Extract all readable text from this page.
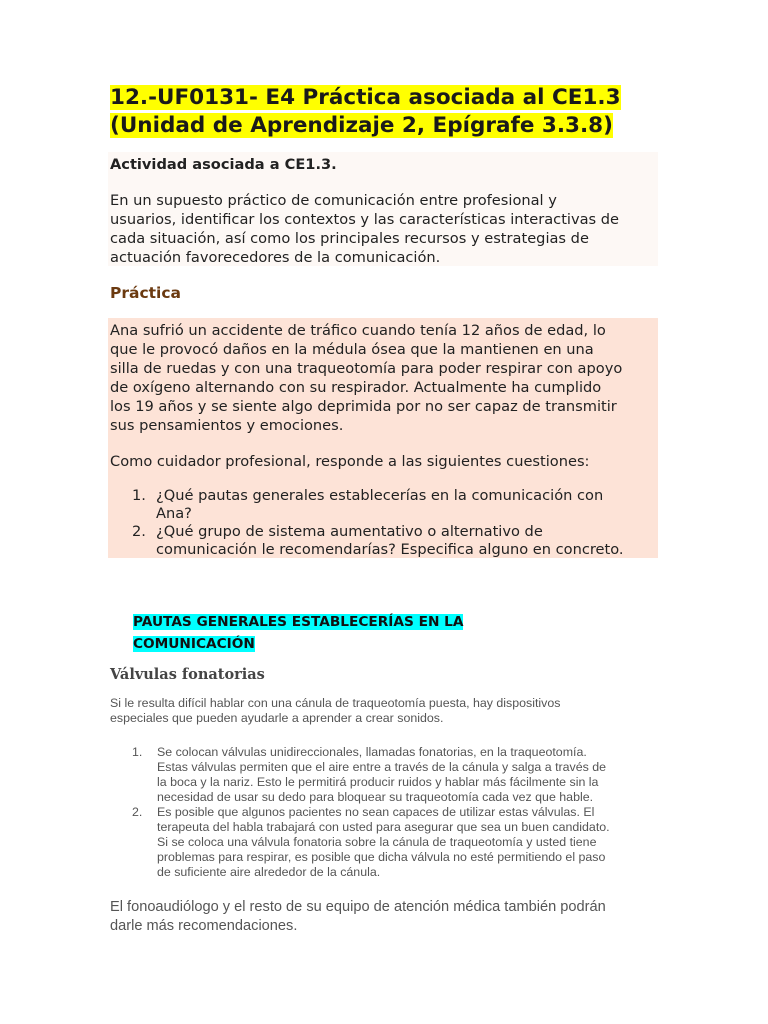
12.-UF0131- E4 Práctica asociada al CE1.3
(Unidad de Aprendizaje 2, Epígrafe 3.3.8)

Actividad asociada a CE1.3.

En un supuesto práctico de comunicación entre profesional y

usuarios, identificar los contextos y las características interactivas de

cada situación, así como los principales recursos y estrategias de

actuación favorecedores de la comunicación.

Práctica

Ana sufrió un accidente de tráfico cuando tenía 12 años de edad, lo

que le provocó daños en la médula ósea que la mantienen en una

silla de ruedas y con una traqueotomía para poder respirar con apoyo

de oxígeno alternando con su respirador. Actualmente ha cumplido

los 19 años y se siente algo deprimida por no ser capaz de transmitir

sus pensamientos y emociones.

Como cuidador profesional, responde a las siguientes cuestiones:

1. ¿Qué pautas generales establecerías en la comunicación con
Ana?
2. ¿Qué grupo de sistema aumentativo o alternativo de
comunicación le recomendarías? Especifica alguno en concreto.

PAUTAS GENERALES ESTABLECERÍAS EN LA
COMUNICACIÓN

Válvulas fonatorias

Si le resulta difícil hablar con una cánula de traqueotomía puesta, hay dispositivos

especiales que pueden ayudarle a aprender a crear sonidos.

1. Se colocan válvulas unidireccionales, llamadas fonatorias, en la traqueotomía.
Estas válvulas permiten que el aire entre a través de la cánula y salga a través de
la boca y la nariz. Esto le permitirá producir ruidos y hablar más fácilmente sin la
necesidad de usar su dedo para bloquear su traqueotomía cada vez que hable.
2. Es posible que algunos pacientes no sean capaces de utilizar estas válvulas. El
terapeuta del habla trabajará con usted para asegurar que sea un buen candidato.
Si se coloca una válvula fonatoria sobre la cánula de traqueotomía y usted tiene
problemas para respirar, es posible que dicha válvula no esté permitiendo el paso
de suficiente aire alrededor de la cánula.

El fonoaudiólogo y el resto de su equipo de atención médica también podrán
darle más recomendaciones.
